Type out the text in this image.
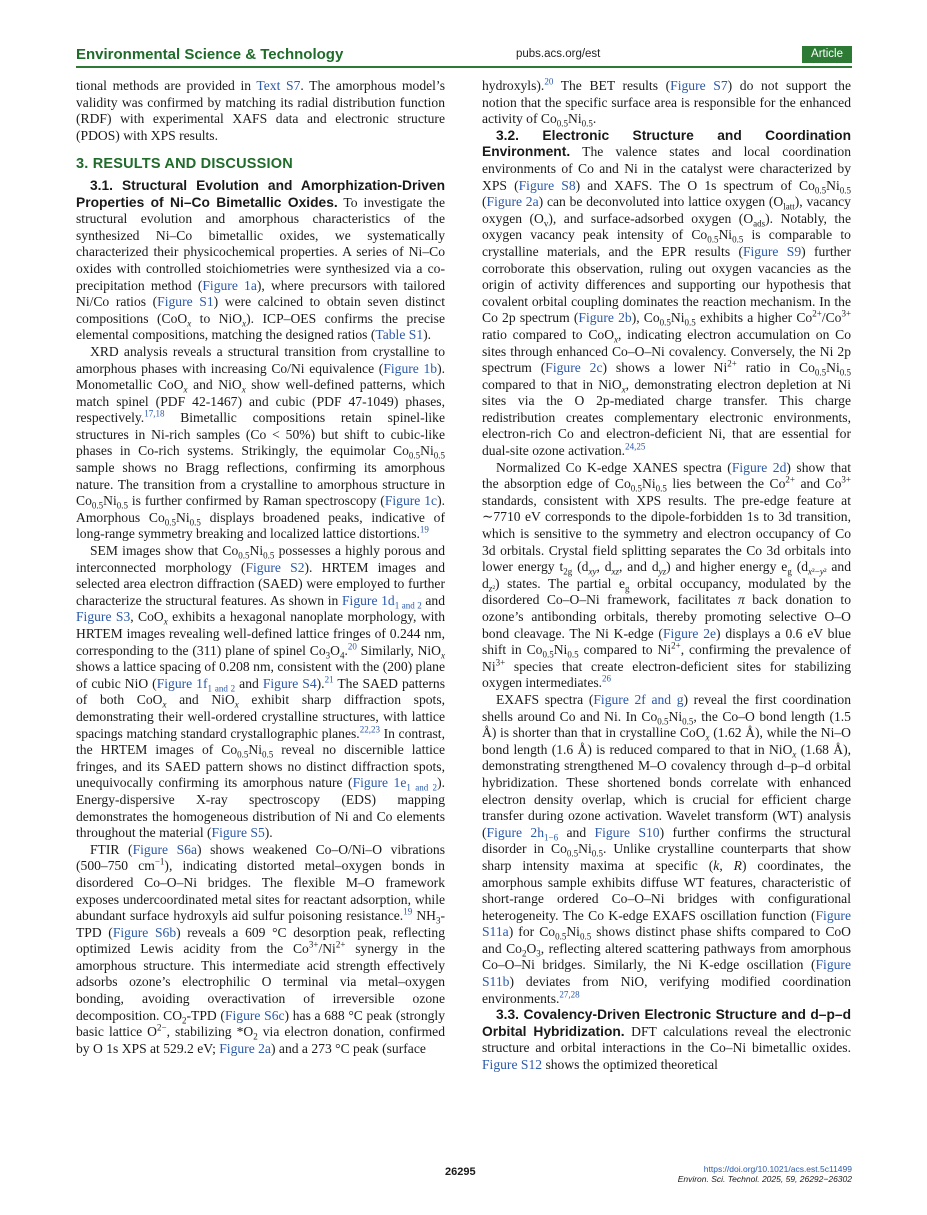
Environmental Science & Technology	pubs.acs.org/est	Article

tional methods are provided in Text S7. The amorphous model’s validity was confirmed by matching its radial distribution function (RDF) with experimental XAFS data and electronic structure (PDOS) with XPS results.

3. RESULTS AND DISCUSSION

3.1. Structural Evolution and Amorphization-Driven Properties of Ni–Co Bimetallic Oxides. To investigate the structural evolution and amorphous characteristics of the synthesized Ni–Co bimetallic oxides, we systematically characterized their physicochemical properties. A series of Ni–Co oxides with controlled stoichiometries were synthesized via a co-precipitation method (Figure 1a), where precursors with tailored Ni/Co ratios (Figure S1) were calcined to obtain seven distinct compositions (CoO$_x$ to NiO$_x$). ICP–OES confirms the precise elemental compositions, matching the designed ratios (Table S1).

XRD analysis reveals a structural transition from crystalline to amorphous phases with increasing Co/Ni equivalence (Figure 1b). Monometallic CoO$_x$ and NiO$_x$ show well-defined patterns, which match spinel (PDF 42-1467) and cubic (PDF 47-1049) phases, respectively.$^{17,18}$ Bimetallic compositions retain spinel-like structures in Ni-rich samples (Co < 50%) but shift to cubic-like phases in Co-rich systems. Strikingly, the equimolar $Co_{0.5}Ni_{0.5}$ sample shows no Bragg reflections, confirming its amorphous nature. The transition from a crystalline to amorphous structure in $Co_{0.5}Ni_{0.5}$ is further confirmed by Raman spectroscopy (Figure 1c). Amorphous $Co_{0.5}Ni_{0.5}$ displays broadened peaks, indicative of long-range symmetry breaking and localized lattice distortions.$^{19}$

SEM images show that $Co_{0.5}Ni_{0.5}$ possesses a highly porous and interconnected morphology (Figure S2). HRTEM images and selected area electron diffraction (SAED) were employed to further characterize the structural features. As shown in Figure $1d_{1 and 2}$ and Figure S3, CoO$_x$ exhibits a hexagonal nanoplate morphology, with HRTEM images revealing well-defined lattice fringes of 0.244 nm, corresponding to the (311) plane of spinel $Co_3O_4.^{20}$ Similarly, NiO$_x$ shows a lattice spacing of 0.208 nm, consistent with the (200) plane of cubic NiO (Figure $1f_{1 and 2}$ and Figure S4).$^{21}$ The SAED patterns of both CoO$_x$ and NiO$_x$ exhibit sharp diffraction spots, demonstrating their well-ordered crystalline structures, with lattice spacings matching standard crystallographic planes.$^{22,23}$ In contrast, the HRTEM images of $Co_{0.5}Ni_{0.5}$ reveal no discernible lattice fringes, and its SAED pattern shows no distinct diffraction spots, unequivocally confirming its amorphous nature (Figure $1e_{1 and 2}$). Energy-dispersive X-ray spectroscopy (EDS) mapping demonstrates the homogeneous distribution of Ni and Co elements throughout the material (Figure S5).

FTIR (Figure S6a) shows weakened Co–O/Ni–O vibrations (500–750 $cm^{-1}$), indicating distorted metal–oxygen bonds in disordered Co–O–Ni bridges. The flexible M–O framework exposes undercoordinated metal sites for reactant adsorption, while abundant surface hydroxyls aid sulfur poisoning resistance.$^{19}$ $NH_3$-TPD (Figure S6b) reveals a 609 °C desorption peak, reflecting optimized Lewis acidity from the $Co^{3+}/Ni^{2+}$ synergy in the amorphous structure. This intermediate acid strength effectively adsorbs ozone’s electrophilic O terminal via metal–oxygen bonding, avoiding overactivation of irreversible ozone decomposition. $CO_2$-TPD (Figure S6c) has a 688 °C peak (strongly basic lattice $O^{2-}$, stabilizing $*O_2$ via electron donation, confirmed by O 1s XPS at 529.2 eV; Figure 2a) and a 273 °C peak (surface

hydroxyls).$^{20}$ The BET results (Figure S7) do not support the notion that the specific surface area is responsible for the enhanced activity of $Co_{0.5}Ni_{0.5}$.

3.2. Electronic Structure and Coordination Environment. The valence states and local coordination environments of Co and Ni in the catalyst were characterized by XPS (Figure S8) and XAFS. The O 1s spectrum of $Co_{0.5}Ni_{0.5}$ (Figure 2a) can be deconvoluted into lattice oxygen $(O_{latt})$, vacancy oxygen $(O_v)$, and surface-adsorbed oxygen $(O_{ads})$. Notably, the oxygen vacancy peak intensity of $Co_{0.5}Ni_{0.5}$ is comparable to crystalline materials, and the EPR results (Figure S9) further corroborate this observation, ruling out oxygen vacancies as the origin of activity differences and supporting our hypothesis that covalent orbital coupling dominates the reaction mechanism. In the Co 2p spectrum (Figure 2b), $Co_{0.5}Ni_{0.5}$ exhibits a higher $Co^{2+}/Co^{3+}$ ratio compared to CoO$_x$, indicating electron accumulation on Co sites through enhanced Co–O–Ni covalency. Conversely, the Ni 2p spectrum (Figure 2c) shows a lower $Ni^{2+}$ ratio in $Co_{0.5}Ni_{0.5}$ compared to that in NiO$_x$, demonstrating electron depletion at Ni sites via the O 2p-mediated charge transfer. This charge redistribution creates complementary electronic environments, electron-rich Co and electron-deficient Ni, that are essential for dual-site ozone activation.$^{24,25}$

Normalized Co K-edge XANES spectra (Figure 2d) show that the absorption edge of $Co_{0.5}Ni_{0.5}$ lies between the $Co^{2+}$ and $Co^{3+}$ standards, consistent with XPS results. The pre-edge feature at ∼7710 eV corresponds to the dipole-forbidden 1s to 3d transition, which is sensitive to the symmetry and electron occupancy of Co 3d orbitals. Crystal field splitting separates the Co 3d orbitals into lower energy $t_{2g}$ ($d_{xy}$, $d_{xz}$, and $d_{yz}$) and higher energy $e_g$ ($d_{x^2-y^2}$ and $d_{z^2}$) states. The partial $e_g$ orbital occupancy, modulated by the disordered Co–O–Ni framework, facilitates π back donation to ozone’s antibonding orbitals, thereby promoting selective O–O bond cleavage. The Ni K-edge (Figure 2e) displays a 0.6 eV blue shift in $Co_{0.5}Ni_{0.5}$ compared to $Ni^{2+}$, confirming the prevalence of $Ni^{3+}$ species that create electron-deficient sites for stabilizing oxygen intermediates.$^{26}$

EXAFS spectra (Figure 2f and g) reveal the first coordination shells around Co and Ni. In $Co_{0.5}Ni_{0.5}$, the Co–O bond length (1.5 Å) is shorter than that in crystalline CoO$_x$ (1.62 Å), while the Ni–O bond length (1.6 Å) is reduced compared to that in NiO$_x$ (1.68 Å), demonstrating strengthened M–O covalency through d–p–d orbital hybridization. These shortened bonds correlate with enhanced electron density overlap, which is crucial for efficient charge transfer during ozone activation. Wavelet transform (WT) analysis (Figure $2h_{1-6}$ and Figure S10) further confirms the structural disorder in $Co_{0.5}Ni_{0.5}$. Unlike crystalline counterparts that show sharp intensity maxima at specific (k, R) coordinates, the amorphous sample exhibits diffuse WT features, characteristic of short-range ordered Co–O–Ni bridges with configurational heterogeneity. The Co K-edge EXAFS oscillation function (Figure S11a) for $Co_{0.5}Ni_{0.5}$ shows distinct phase shifts compared to CoO and $Co_2O_3$, reflecting altered scattering pathways from amorphous Co–O–Ni bridges. Similarly, the Ni K-edge oscillation (Figure S11b) deviates from NiO, verifying modified coordination environments.$^{27,28}$

3.3. Covalency-Driven Electronic Structure and d–p–d Orbital Hybridization. DFT calculations reveal the electronic structure and orbital interactions in the Co–Ni bimetallic oxides. Figure S12 shows the optimized theoretical

26295	https://doi.org/10.1021/acs.est.5c11499
Environ. Sci. Technol. 2025, 59, 26292−26302
